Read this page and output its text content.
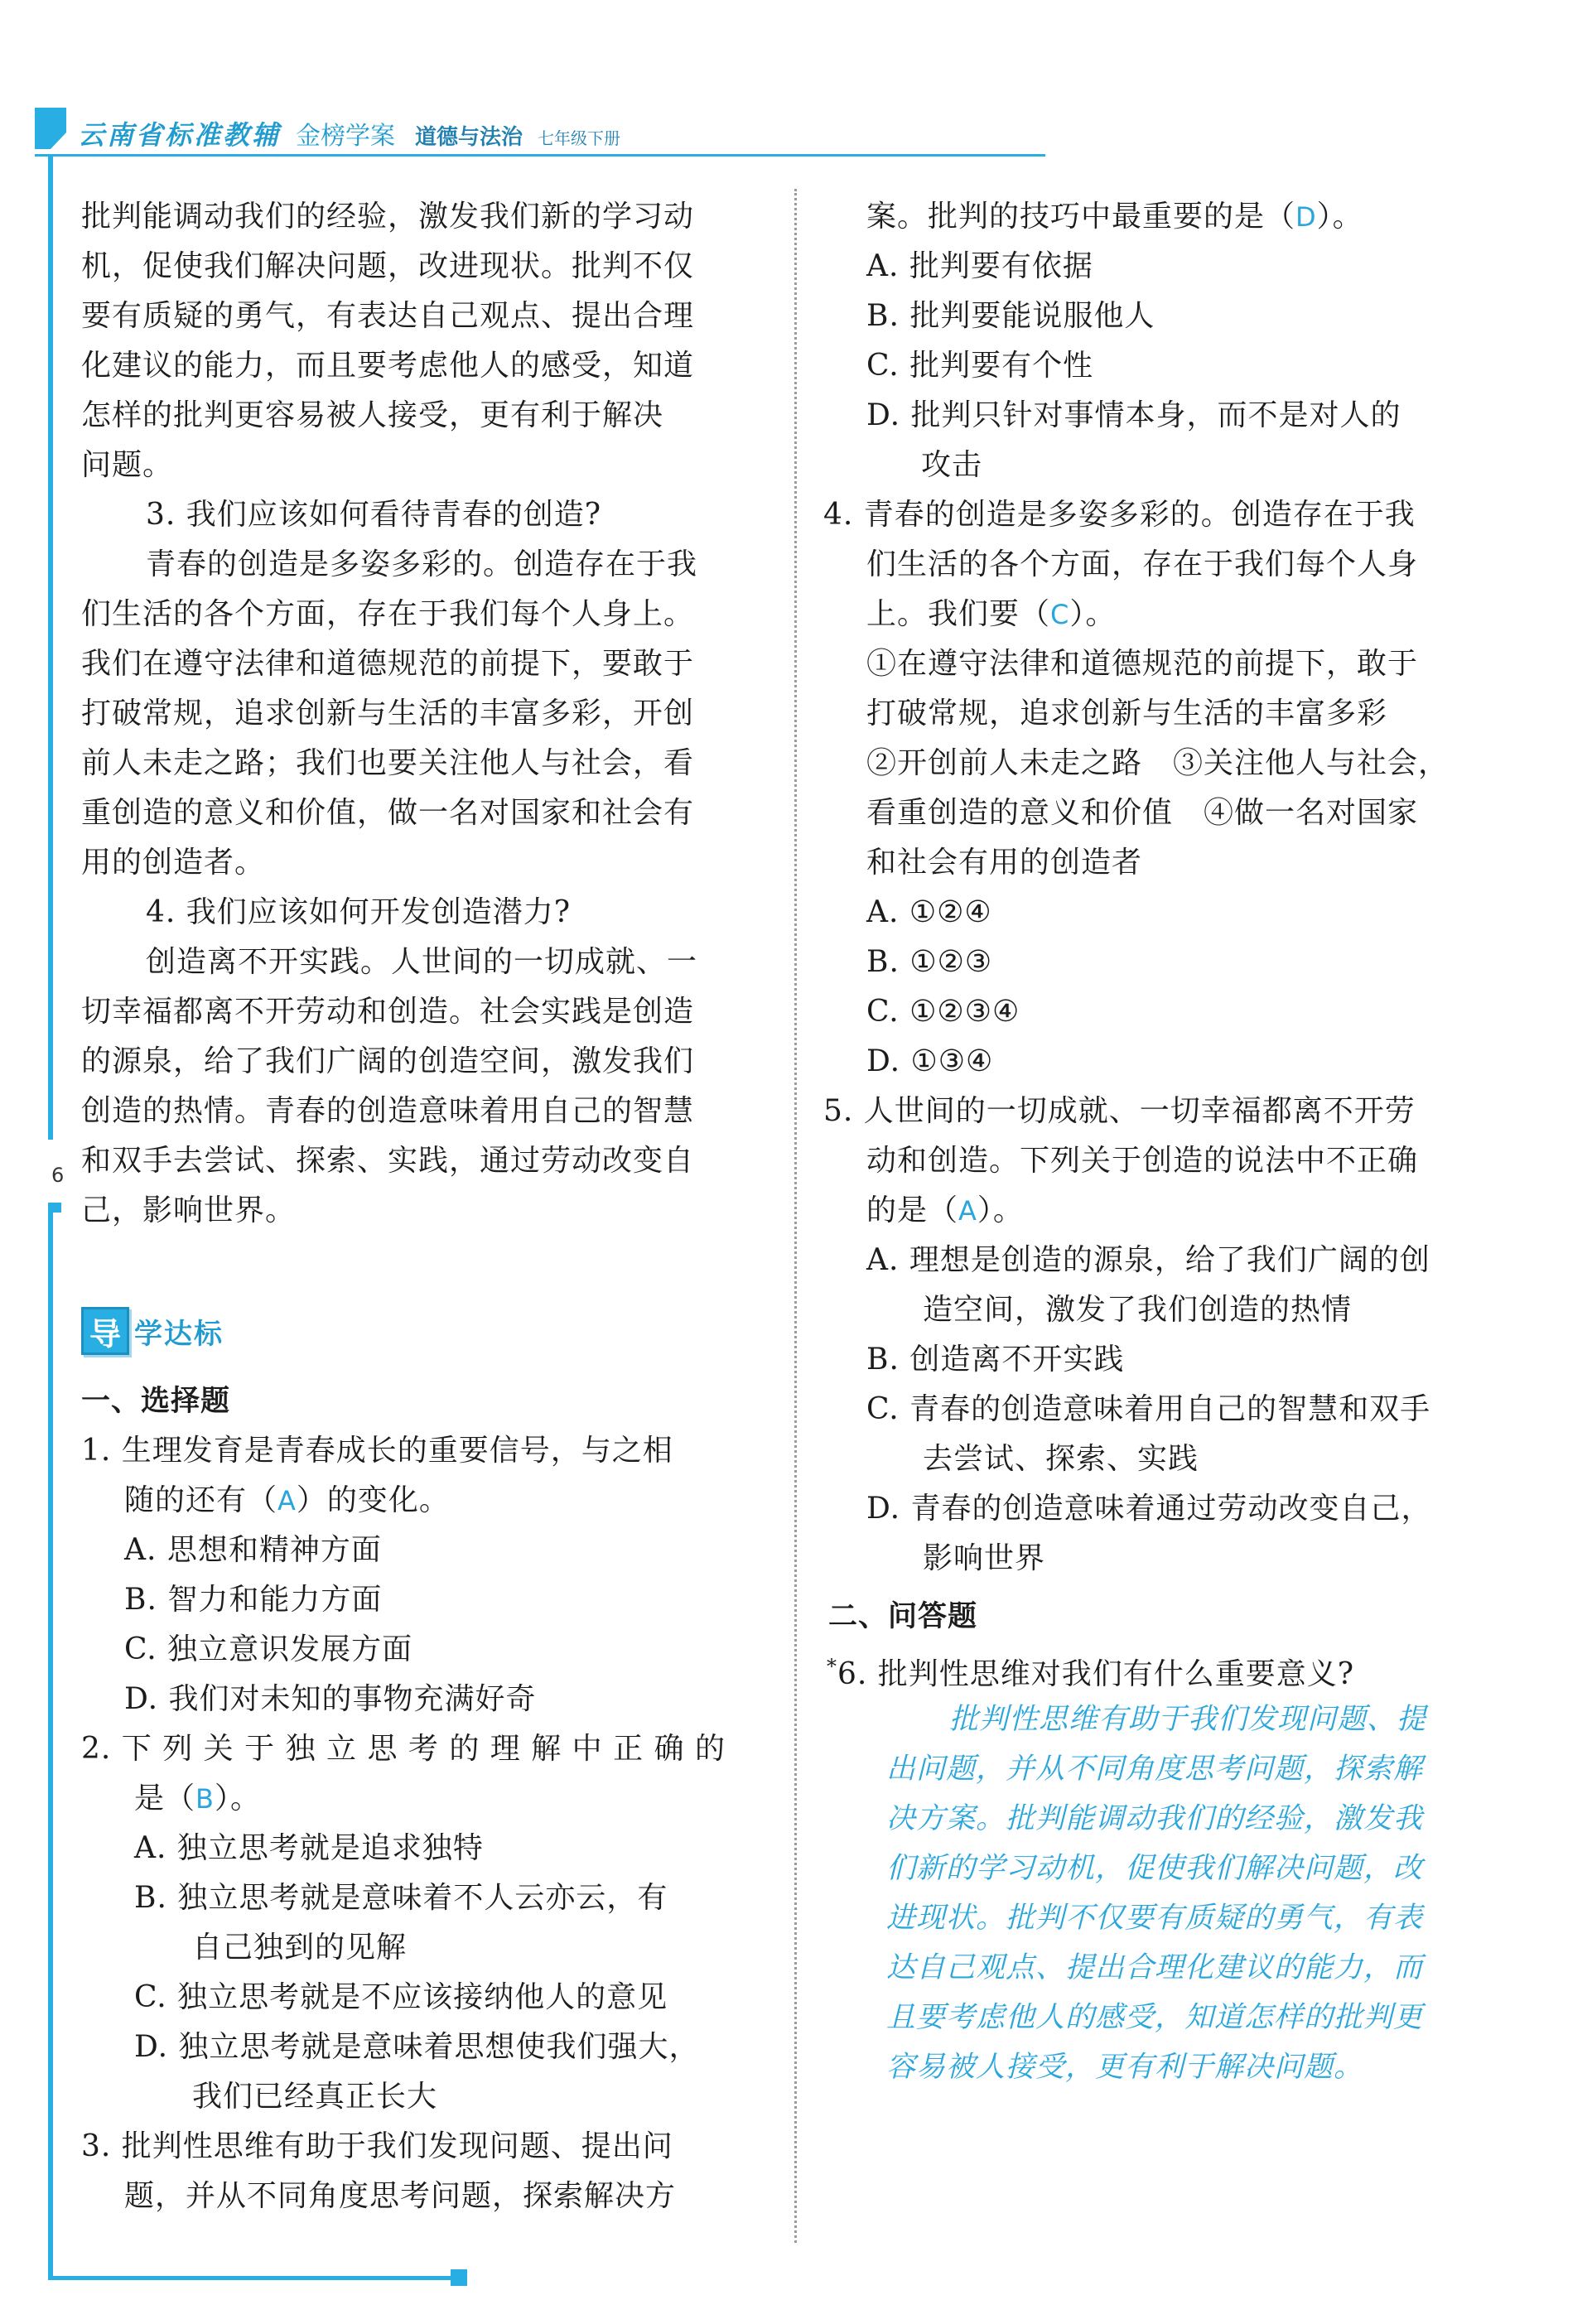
云南省标准教辅 金榜学案 道德与法治 七年级下册
6
批判能调动我们的经验，激发我们新的学习动
机，促使我们解决问题，改进现状。批判不仅
要有质疑的勇气，有表达自己观点、提出合理
化建议的能力，而且要考虑他人的感受，知道
怎样的批判更容易被人接受，更有利于解决
问题。
3. 我们应该如何看待青春的创造?
青春的创造是多姿多彩的。创造存在于我
们生活的各个方面，存在于我们每个人身上。
我们在遵守法律和道德规范的前提下，要敢于
打破常规，追求创新与生活的丰富多彩，开创
前人未走之路；我们也要关注他人与社会，看
重创造的意义和价值，做一名对国家和社会有
用的创造者。
4. 我们应该如何开发创造潜力?
创造离不开实践。人世间的一切成就、一
切幸福都离不开劳动和创造。社会实践是创造
的源泉，给了我们广阔的创造空间，激发我们
创造的热情。青春的创造意味着用自己的智慧
和双手去尝试、探索、实践，通过劳动改变自
己，影响世界。
导 学达标
一、选择题
1. 生理发育是青春成长的重要信号，与之相
随的还有（A）的变化。
A. 思想和精神方面
B. 智力和能力方面
C. 独立意识发展方面
D. 我们对未知的事物充满好奇
2. 下 列 关 于 独 立 思 考 的 理 解 中 正 确 的
是（B）。
A. 独立思考就是追求独特
B. 独立思考就是意味着不人云亦云，有
自己独到的见解
C. 独立思考就是不应该接纳他人的意见
D. 独立思考就是意味着思想使我们强大，
我们已经真正长大
3. 批判性思维有助于我们发现问题、提出问
题，并从不同角度思考问题，探索解决方
案。批判的技巧中最重要的是（D）。
A. 批判要有依据
B. 批判要能说服他人
C. 批判要有个性
D. 批判只针对事情本身，而不是对人的
攻击
4. 青春的创造是多姿多彩的。创造存在于我
们生活的各个方面，存在于我们每个人身
上。我们要（C）。
①在遵守法律和道德规范的前提下，敢于
打破常规，追求创新与生活的丰富多彩
②开创前人未走之路　③关注他人与社会，
看重创造的意义和价值　④做一名对国家
和社会有用的创造者
A. ①②④
B. ①②③
C. ①②③④
D. ①③④
5. 人世间的一切成就、一切幸福都离不开劳
动和创造。下列关于创造的说法中不正确
的是（A）。
A. 理想是创造的源泉，给了我们广阔的创
造空间，激发了我们创造的热情
B. 创造离不开实践
C. 青春的创造意味着用自己的智慧和双手
去尝试、探索、实践
D. 青春的创造意味着通过劳动改变自己，
影响世界
二、问答题
*6. 批判性思维对我们有什么重要意义?
批判性思维有助于我们发现问题、提
出问题，并从不同角度思考问题，探索解
决方案。批判能调动我们的经验，激发我
们新的学习动机，促使我们解决问题，改
进现状。批判不仅要有质疑的勇气，有表
达自己观点、提出合理化建议的能力，而
且要考虑他人的感受，知道怎样的批判更
容易被人接受，更有利于解决问题。
